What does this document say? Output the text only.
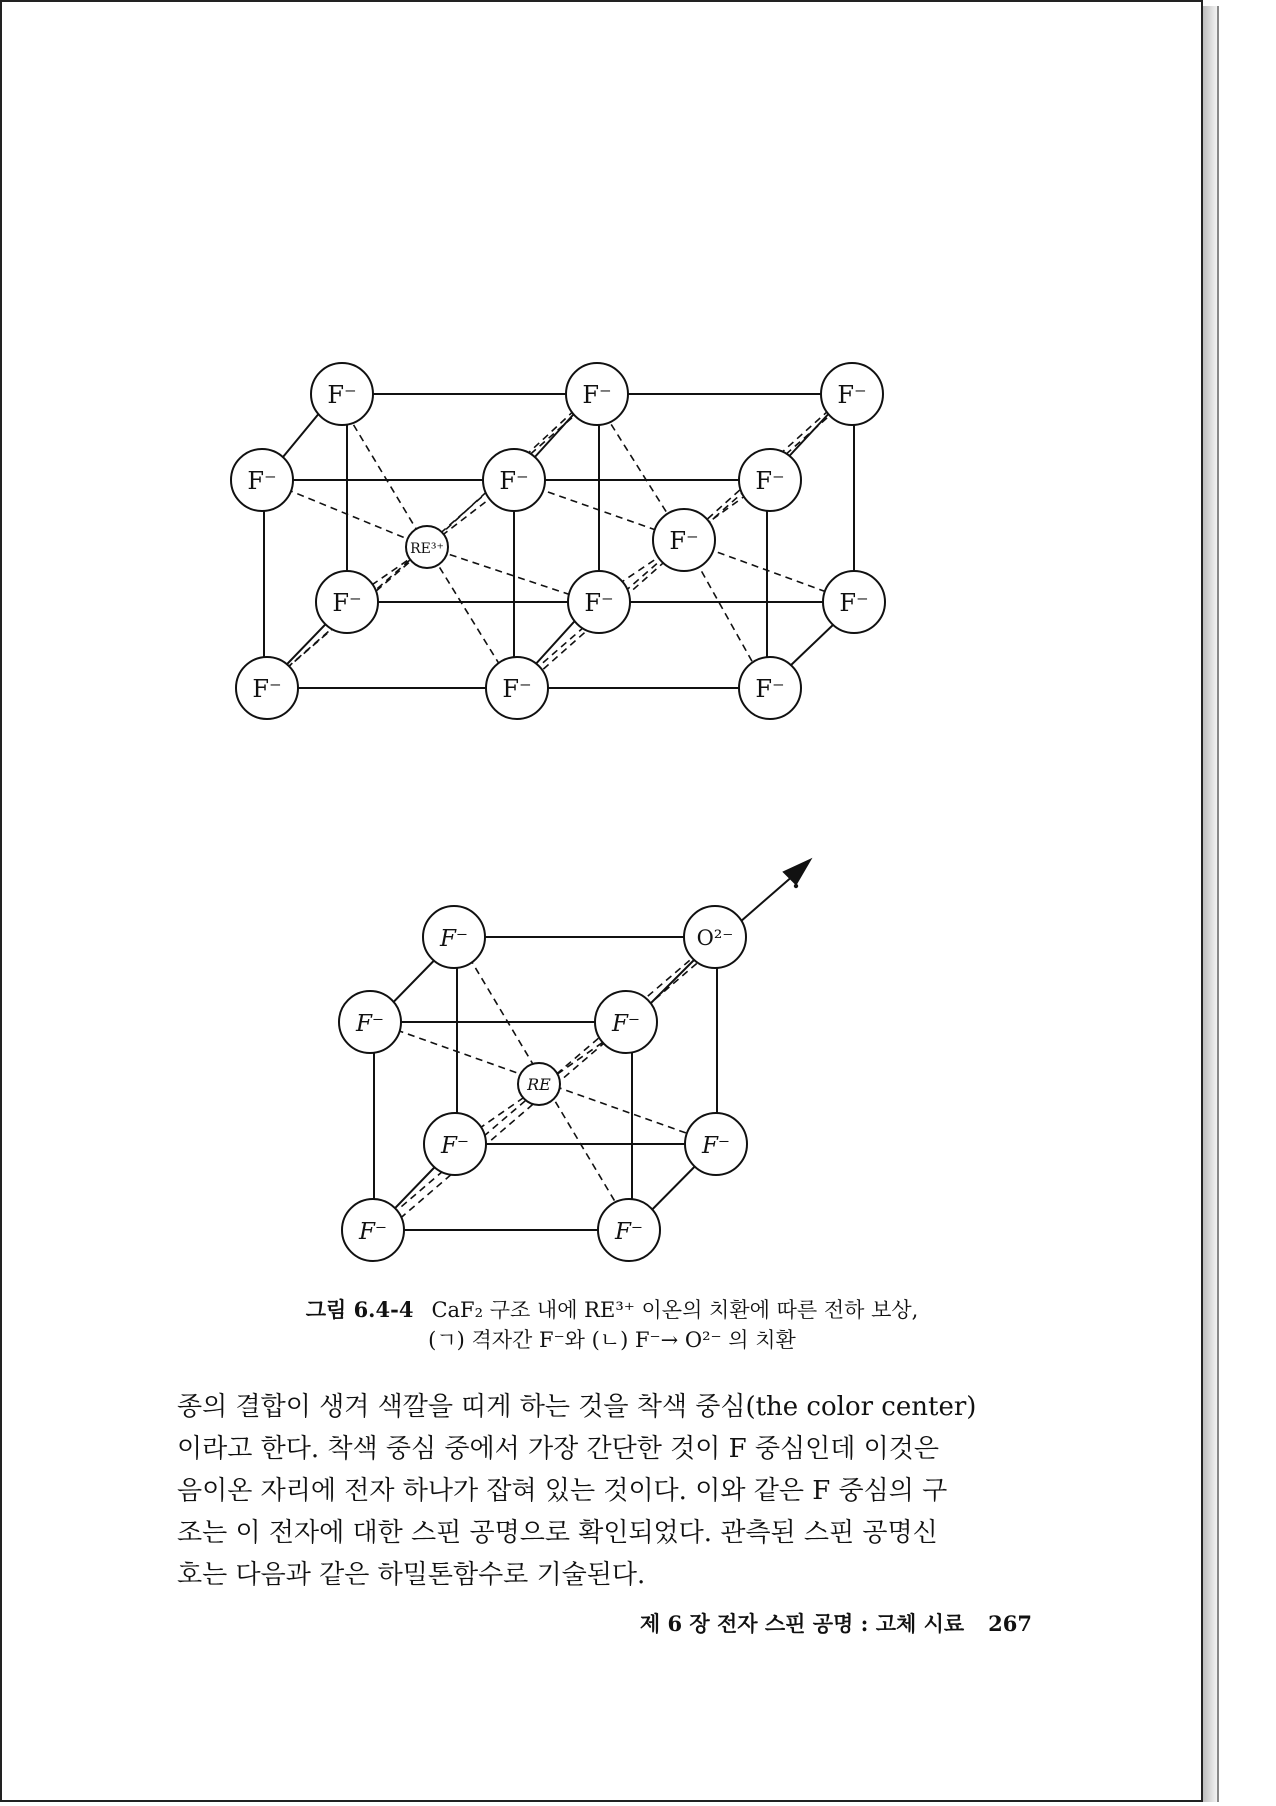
F⁻	F⁻	F⁻
F⁻	F⁻	F⁻
F⁻
F⁻	F⁻	F⁻
F⁻	F⁻	F⁻
RE³⁺
F⁻	O²⁻
F⁻	F⁻
F⁻	F⁻
F⁻	F⁻
RE
그림 6.4-4 CaF₂ 구조 내에 RE³⁺ 이온의 치환에 따른 전하 보상,
(ㄱ) 격자간 F⁻와 (ㄴ) F⁻→ O²⁻ 의 치환

종의 결합이 생겨 색깔을 띠게 하는 것을 착색 중심(the color center)

이라고 한다. 착색 중심 중에서 가장 간단한 것이 F 중심인데 이것은

음이온 자리에 전자 하나가 잡혀 있는 것이다. 이와 같은 F 중심의 구

조는 이 전자에 대한 스핀 공명으로 확인되었다. 관측된 스핀 공명신

호는 다음과 같은 하밀톤함수로 기술된다.

제 6 장 전자 스핀 공명 : 고체 시료 267
